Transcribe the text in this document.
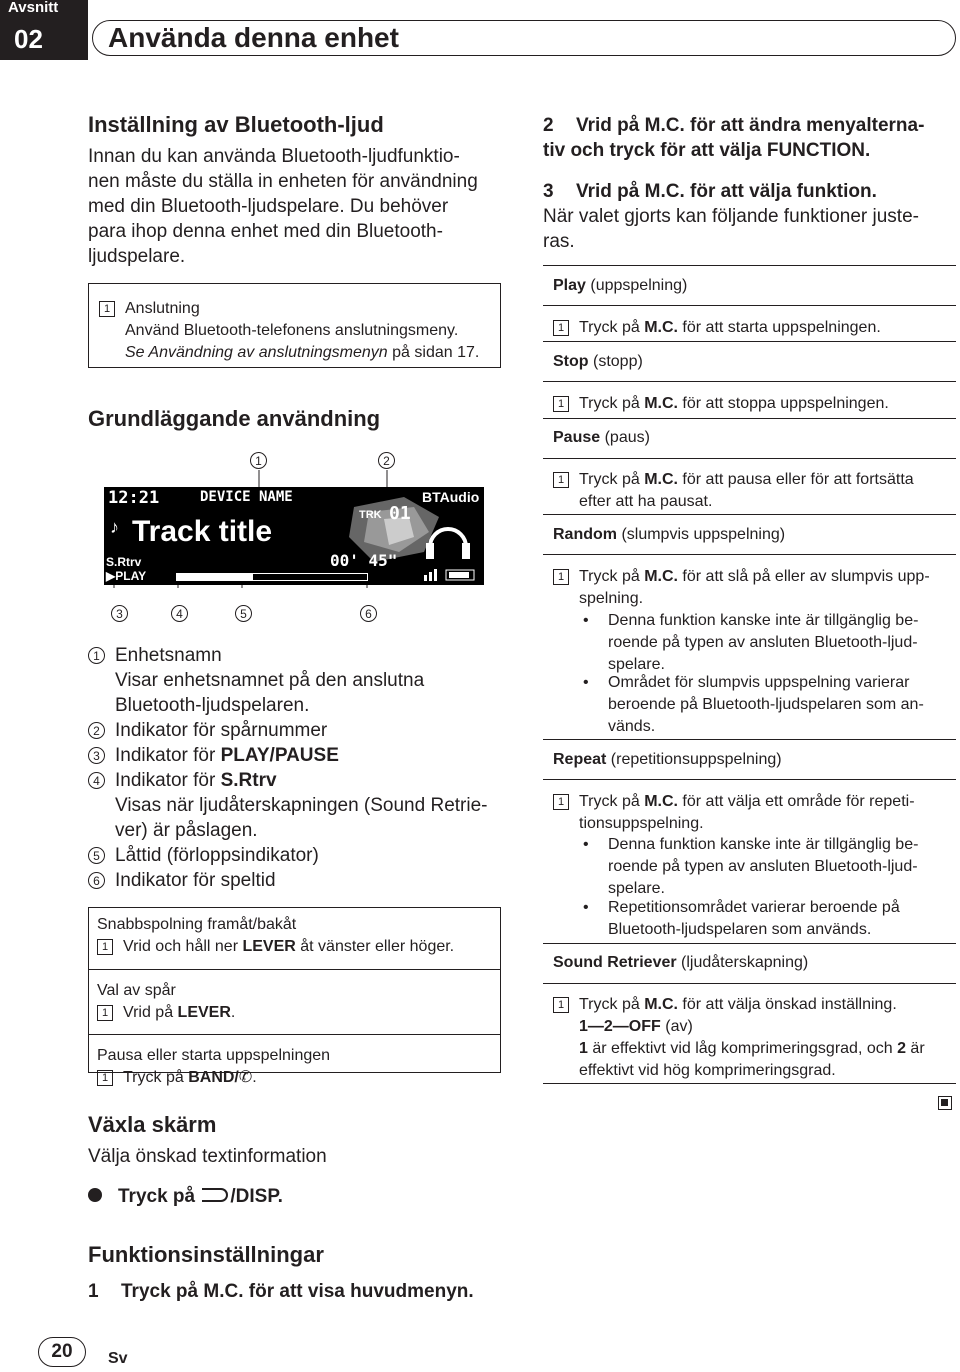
Avsnitt
02 Använda denna enhet
Inställning av Bluetooth-ljud
Innan du kan använda Bluetooth-ljudfunktio-
nen måste du ställa in enheten för användning
med din Bluetooth-ljudspelare. Du behöver
para ihop denna enhet med din Bluetooth-
ljudspelare.
1 Anslutning
Använd Bluetooth-telefonens anslutningsmeny.
Se Användning av anslutningsmenyn på sidan 17.
Grundläggande användning
1	2
12:21	DEVICE NAME	BTAudio
TRK 01
♪ Track title
00' 45"
S.Rtrv
▶PLAY
3	4	5	6
1 Enhetsnamn
Visar enhetsnamnet på den anslutna
Bluetooth-ljudspelaren.
2 Indikator för spårnummer
3 Indikator för PLAY/PAUSE
4 Indikator för S.Rtrv
Visas när ljudåterskapningen (Sound Retrie-
ver) är påslagen.
5 Låttid (förloppsindikator)
6 Indikator för speltid
Snabbspolning framåt/bakåt
1 Vrid och håll ner LEVER åt vänster eller höger.
Val av spår
1 Vrid på LEVER.
Pausa eller starta uppspelningen
1 Tryck på BAND/✆.
Växla skärm
Välja önskad textinformation
Tryck på /DISP.
Funktionsinställningar
1 Tryck på M.C. för att visa huvudmenyn.
2 Vrid på M.C. för att ändra menyalterna-
tiv och tryck för att välja FUNCTION.
3 Vrid på M.C. för att välja funktion.
När valet gjorts kan följande funktioner juste-
ras.
Play (uppspelning)
1 Tryck på M.C. för att starta uppspelningen.
Stop (stopp)
1 Tryck på M.C. för att stoppa uppspelningen.
Pause (paus)
1 Tryck på M.C. för att pausa eller för att fortsätta
efter att ha pausat.
Random (slumpvis uppspelning)
1 Tryck på M.C. för att slå på eller av slumpvis upp-
spelning.
•	Denna funktion kanske inte är tillgänglig be-
roende på typen av ansluten Bluetooth-ljud-
spelare.
•	Området för slumpvis uppspelning varierar
beroende på Bluetooth-ljudspelaren som an-
vänds.
Repeat (repetitionsuppspelning)
1 Tryck på M.C. för att välja ett område för repeti-
tionsuppspelning.
•	Denna funktion kanske inte är tillgänglig be-
roende på typen av ansluten Bluetooth-ljud-
spelare.
•	Repetitionsområdet varierar beroende på
Bluetooth-ljudspelaren som används.
Sound Retriever (ljudåterskapning)
1 Tryck på M.C. för att välja önskad inställning.
1—2—OFF (av)
1 är effektivt vid låg komprimeringsgrad, och 2 är
effektivt vid hög komprimeringsgrad.
20	Sv
